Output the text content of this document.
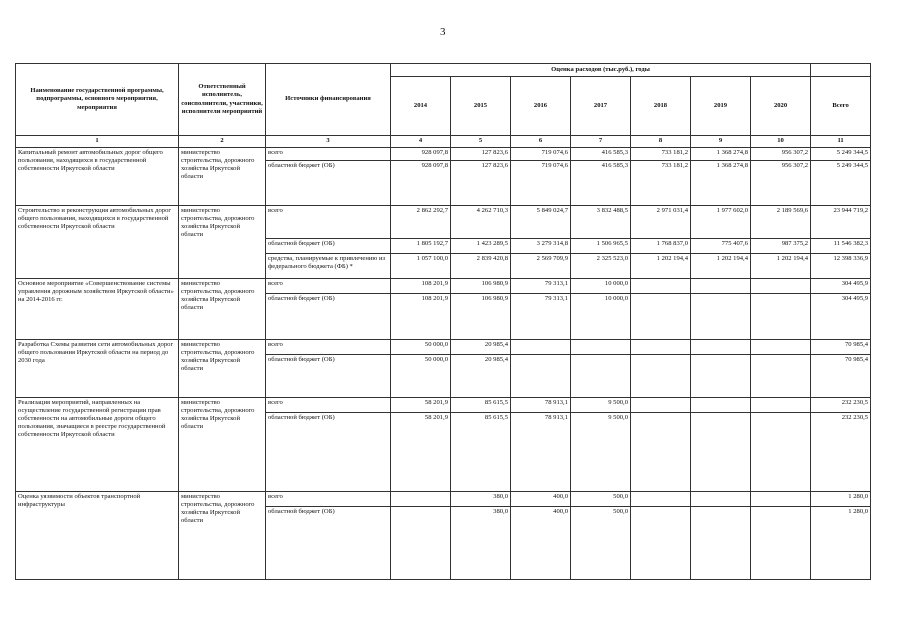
3
Наименование государственной программы, подпрограммы, основного мероприятия, мероприятия	Ответственный исполнитель, соисполнители, участники, исполнители мероприятий	Источники финансирования	Оценка расходов (тыс.руб.), годы							
			2014	2015	2016	2017	2018	2019	2020	Всего
1	2	3	4	5	6	7	8	9	10	11
Капитальный ремонт автомобильных дорог общего пользования, находящихся в государственной собственности Иркутской области	министерство строительства, дорожного хозяйства Иркутской области	всего	928 097,8	127 823,6	719 074,6	416 585,3	733 181,2	1 368 274,8	956 307,2	5 249 344,5
		областной бюджет (ОБ)	928 097,8	127 823,6	719 074,6	416 585,3	733 181,2	1 368 274,8	956 307,2	5 249 344,5
Строительство и реконструкция автомобильных дорог общего пользования, находящихся в государственной собственности Иркутской области	министерство строительства, дорожного хозяйства Иркутской области	всего	2 862 292,7	4 262 710,3	5 849 024,7	3 832 488,5	2 971 031,4	1 977 602,0	2 189 569,6	23 944 719,2
		областной бюджет (ОБ)	1 805 192,7	1 423 289,5	3 279 314,8	1 506 965,5	1 768 837,0	775 407,6	987 375,2	11 546 382,3
		средства, планируемые к привлечению из федерального бюджета (ФБ) *	1 057 100,0	2 839 420,8	2 569 709,9	2 325 523,0	1 202 194,4	1 202 194,4	1 202 194,4	12 398 336,9
Основное мероприятие «Совершенствование системы управления дорожным хозяйством Иркутской области» на 2014-2016 гг.	министерство строительства, дорожного хозяйства Иркутской области	всего	108 201,9	106 980,9	79 313,1	10 000,0				304 495,9
		областной бюджет (ОБ)	108 201,9	106 980,9	79 313,1	10 000,0				304 495,9
Разработка Схемы развития сети автомобильных дорог общего пользования Иркутской области на период до 2030 года	министерство строительства, дорожного хозяйства Иркутской области	всего	50 000,0	20 985,4						70 985,4
		областной бюджет (ОБ)	50 000,0	20 985,4						70 985,4
Реализация мероприятий, направленных на осуществление государственной регистрации прав собственности на автомобильные дороги общего пользования, значащиеся в реестре государственной собственности Иркутской области	министерство строительства, дорожного хозяйства Иркутской области	всего	58 201,9	85 615,5	78 913,1	9 500,0				232 230,5
		областной бюджет (ОБ)	58 201,9	85 615,5	78 913,1	9 500,0				232 230,5
Оценка уязвимости объектов транспортной инфраструктуры	министерство строительства, дорожного хозяйства Иркутской области	всего		380,0	400,0	500,0				1 280,0
		областной бюджет (ОБ)		380,0	400,0	500,0				1 280,0
